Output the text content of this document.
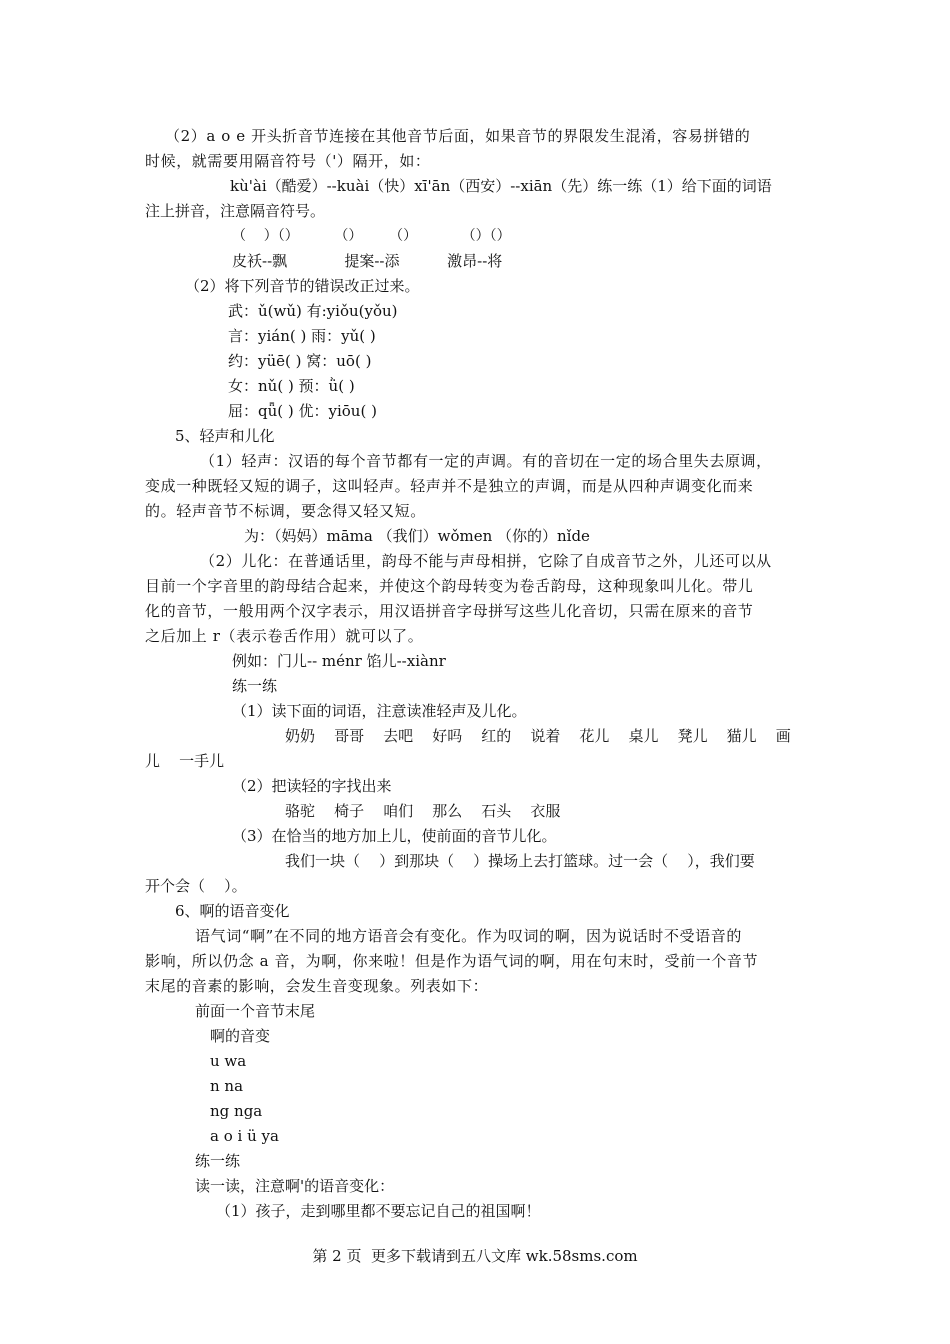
（2）a o e 开头折音节连接在其他音节后面，如果音节的界限发生混淆，容易拼错的
时候，就需要用隔音符号（'）隔开，如：
kù'ài（酷爱）--kuài（快）xī'ān（西安）--xiān（先）练一练（1）给下面的词语
注上拼音，注意隔音符号。
（    ）（）        （）      （）          （）（）
皮袄--飘            提案--添          激昂--将
（2）将下列音节的错误改正过来。
武：ǔ(wǔ) 有:yiǒu(yǒu)
言：yián( ) 雨：yǔ( )
约：yüē( ) 窝：uō( )
女：nǔ( ) 预：ǜ( )
屈：qǖ( ) 优：yiōu( )
5、轻声和儿化
（1）轻声：汉语的每个音节都有一定的声调。有的音切在一定的场合里失去原调，
变成一种既轻又短的调子，这叫轻声。轻声并不是独立的声调，而是从四种声调变化而来
的。轻声音节不标调，要念得又轻又短。
为：（妈妈）māma （我们）wǒmen （你的）nǐde
（2）儿化：在普通话里，韵母不能与声母相拼，它除了自成音节之外，儿还可以从
目前一个字音里的韵母结合起来，并使这个韵母转变为卷舌韵母，这种现象叫儿化。带儿
化的音节，一般用两个汉字表示，用汉语拼音字母拼写这些儿化音切，只需在原来的音节
之后加上 r（表示卷舌作用）就可以了。
例如：门儿-- ménr 馅儿--xiànr
练一练
（1）读下面的词语，注意读准轻声及儿化。
奶奶    哥哥    去吧    好吗    红的    说着    花儿    桌儿    凳儿    猫儿    画
儿    一手儿
（2）把读轻的字找出来
骆驼    椅子    咱们    那么    石头    衣服
（3）在恰当的地方加上儿，使前面的音节儿化。
我们一块（    ）到那块（    ）操场上去打篮球。过一会（    ），我们要
开个会（    ）。
6、啊的语音变化
语气词“啊”在不同的地方语音会有变化。作为叹词的啊，因为说话时不受语音的
影响，所以仍念 a 音，为啊，你来啦！但是作为语气词的啊，用在句末时，受前一个音节
末尾的音素的影响，会发生音变现象。列表如下：
前面一个音节末尾
啊的音变
u wa
n na
ng nga
a o i ü ya
练一练
读一读，注意啊'的语音变化：
（1）孩子，走到哪里都不要忘记自己的祖国啊！
第 2 页  更多下载请到五八文库 wk.58sms.com
